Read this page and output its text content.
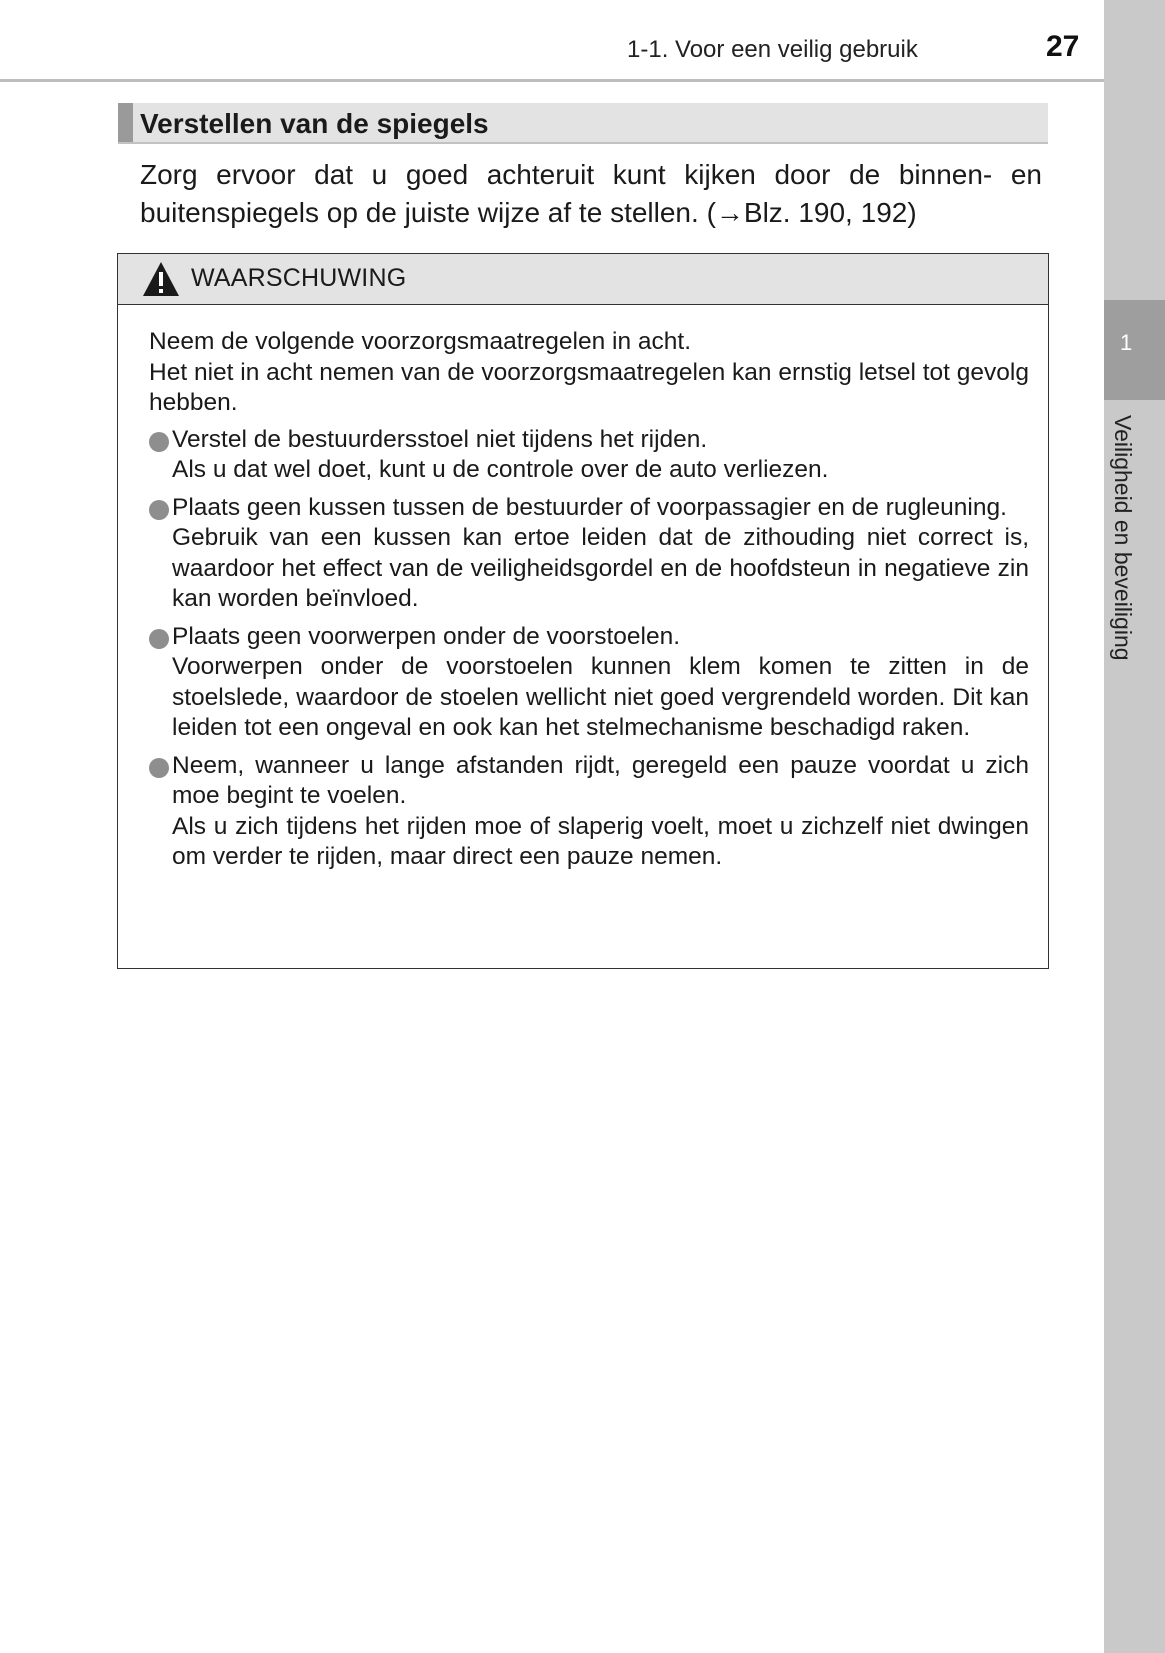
1
Veiligheid en beveiliging
1-1. Voor een veilig gebruik	27
Verstellen van de spiegels
Zorg ervoor dat u goed achteruit kunt kijken door de binnen- en buitenspiegels op de juiste wijze af te stellen. (→Blz. 190, 192)
WAARSCHUWING

Neem de volgende voorzorgsmaatregelen in acht.

Het niet in acht nemen van de voorzorgsmaatregelen kan ernstig letsel tot gevolg hebben.

Verstel de bestuurdersstoel niet tijdens het rijden.

Als u dat wel doet, kunt u de controle over de auto verliezen.

Plaats geen kussen tussen de bestuurder of voorpassagier en de rugleuning.

Gebruik van een kussen kan ertoe leiden dat de zithouding niet correct is, waardoor het effect van de veiligheidsgordel en de hoofdsteun in negatieve zin kan worden beïnvloed.

Plaats geen voorwerpen onder de voorstoelen.

Voorwerpen onder de voorstoelen kunnen klem komen te zitten in de stoelslede, waardoor de stoelen wellicht niet goed vergrendeld worden. Dit kan leiden tot een ongeval en ook kan het stelmechanisme beschadigd raken.

Neem, wanneer u lange afstanden rijdt, geregeld een pauze voordat u zich moe begint te voelen.

Als u zich tijdens het rijden moe of slaperig voelt, moet u zichzelf niet dwingen om verder te rijden, maar direct een pauze nemen.
